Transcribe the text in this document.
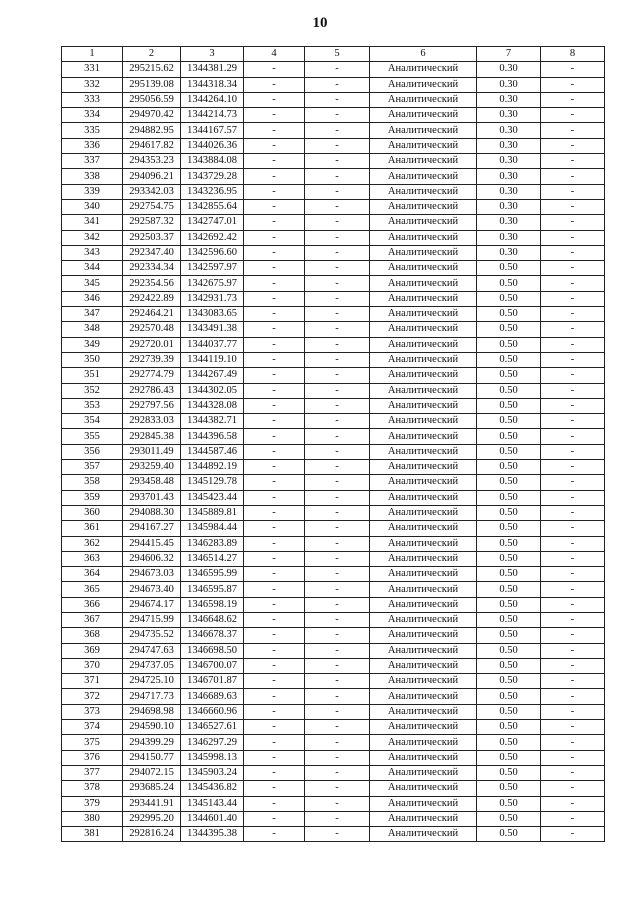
10
1	2	3	4	5	6	7	8
331	295215.62	1344381.29	-	-	Аналитический	0.30	-
332	295139.08	1344318.34	-	-	Аналитический	0.30	-
333	295056.59	1344264.10	-	-	Аналитический	0.30	-
334	294970.42	1344214.73	-	-	Аналитический	0.30	-
335	294882.95	1344167.57	-	-	Аналитический	0.30	-
336	294617.82	1344026.36	-	-	Аналитический	0.30	-
337	294353.23	1343884.08	-	-	Аналитический	0.30	-
338	294096.21	1343729.28	-	-	Аналитический	0.30	-
339	293342.03	1343236.95	-	-	Аналитический	0.30	-
340	292754.75	1342855.64	-	-	Аналитический	0.30	-
341	292587.32	1342747.01	-	-	Аналитический	0.30	-
342	292503.37	1342692.42	-	-	Аналитический	0.30	-
343	292347.40	1342596.60	-	-	Аналитический	0.30	-
344	292334.34	1342597.97	-	-	Аналитический	0.50	-
345	292354.56	1342675.97	-	-	Аналитический	0.50	-
346	292422.89	1342931.73	-	-	Аналитический	0.50	-
347	292464.21	1343083.65	-	-	Аналитический	0.50	-
348	292570.48	1343491.38	-	-	Аналитический	0.50	-
349	292720.01	1344037.77	-	-	Аналитический	0.50	-
350	292739.39	1344119.10	-	-	Аналитический	0.50	-
351	292774.79	1344267.49	-	-	Аналитический	0.50	-
352	292786.43	1344302.05	-	-	Аналитический	0.50	-
353	292797.56	1344328.08	-	-	Аналитический	0.50	-
354	292833.03	1344382.71	-	-	Аналитический	0.50	-
355	292845.38	1344396.58	-	-	Аналитический	0.50	-
356	293011.49	1344587.46	-	-	Аналитический	0.50	-
357	293259.40	1344892.19	-	-	Аналитический	0.50	-
358	293458.48	1345129.78	-	-	Аналитический	0.50	-
359	293701.43	1345423.44	-	-	Аналитический	0.50	-
360	294088.30	1345889.81	-	-	Аналитический	0.50	-
361	294167.27	1345984.44	-	-	Аналитический	0.50	-
362	294415.45	1346283.89	-	-	Аналитический	0.50	-
363	294606.32	1346514.27	-	-	Аналитический	0.50	-
364	294673.03	1346595.99	-	-	Аналитический	0.50	-
365	294673.40	1346595.87	-	-	Аналитический	0.50	-
366	294674.17	1346598.19	-	-	Аналитический	0.50	-
367	294715.99	1346648.62	-	-	Аналитический	0.50	-
368	294735.52	1346678.37	-	-	Аналитический	0.50	-
369	294747.63	1346698.50	-	-	Аналитический	0.50	-
370	294737.05	1346700.07	-	-	Аналитический	0.50	-
371	294725.10	1346701.87	-	-	Аналитический	0.50	-
372	294717.73	1346689.63	-	-	Аналитический	0.50	-
373	294698.98	1346660.96	-	-	Аналитический	0.50	-
374	294590.10	1346527.61	-	-	Аналитический	0.50	-
375	294399.29	1346297.29	-	-	Аналитический	0.50	-
376	294150.77	1345998.13	-	-	Аналитический	0.50	-
377	294072.15	1345903.24	-	-	Аналитический	0.50	-
378	293685.24	1345436.82	-	-	Аналитический	0.50	-
379	293441.91	1345143.44	-	-	Аналитический	0.50	-
380	292995.20	1344601.40	-	-	Аналитический	0.50	-
381	292816.24	1344395.38	-	-	Аналитический	0.50	-
